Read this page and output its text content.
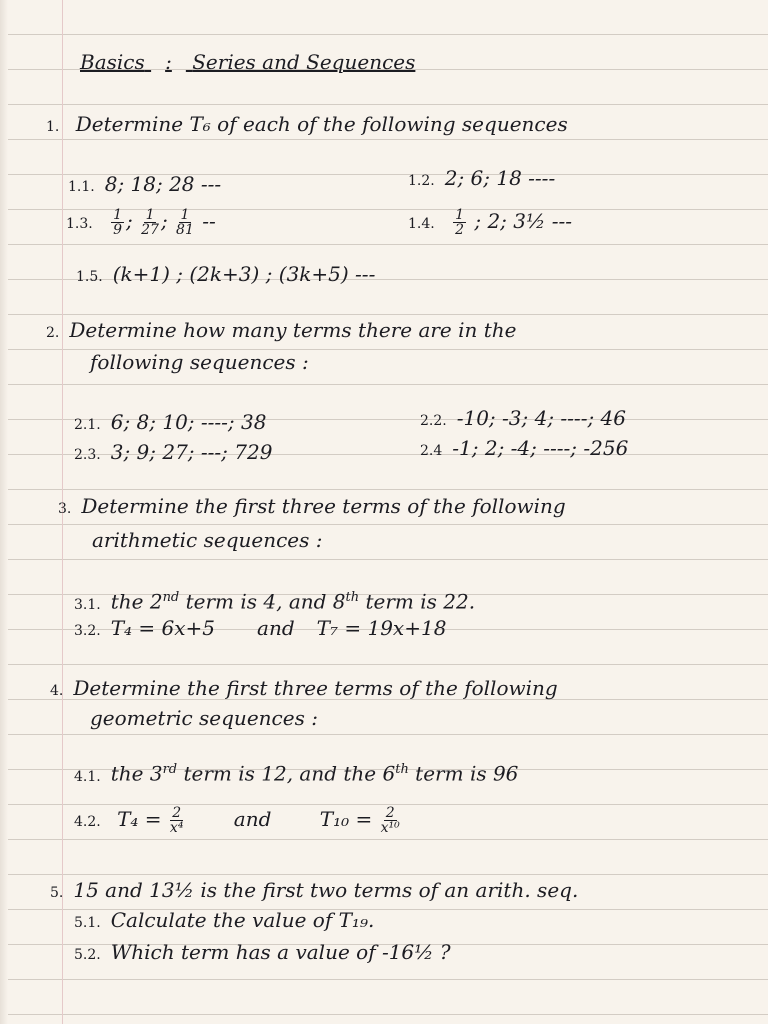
Basics : Series and Sequences
1. Determine T₆ of each of the following sequences
1.1. 8; 18; 28 ---	1.2. 2; 6; 18 ----
1.3. $\frac{1}{9}$ ; $\frac{1}{27}$ ; $\frac{1}{81}$ --	1.4. $\frac{1}{2}$ ; 2; 3½ ---
1.5. (k+1) ; (2k+3) ; (3k+5) ---
2. Determine how many terms there are in the
following sequences :
2.1. 6; 8; 10; ----; 38	2.2. -10; -3; 4; ----; 46
2.3. 3; 9; 27; ---; 729	2.4 -1; 2; -4; ----; -256
3. Determine the first three terms of the following
arithmetic sequences :
3.1. the 2nd term is 4, and 8th term is 22.
3.2. T₄ = 6x+5 and T₇ = 19x+18
4. Determine the first three terms of the following
geometric sequences :
4.1. the 3rd term is 12, and the 6th term is 96
4.2. $T_4 = \frac{2}{\text{x⁴}}$	and $T_{10} = \frac{2}{\text{x¹⁰}}$
5. 15 and 13½ is the first two terms of an arith. seq.
5.1. Calculate the value of T₁₉.
5.2. Which term has a value of -16½ ?
